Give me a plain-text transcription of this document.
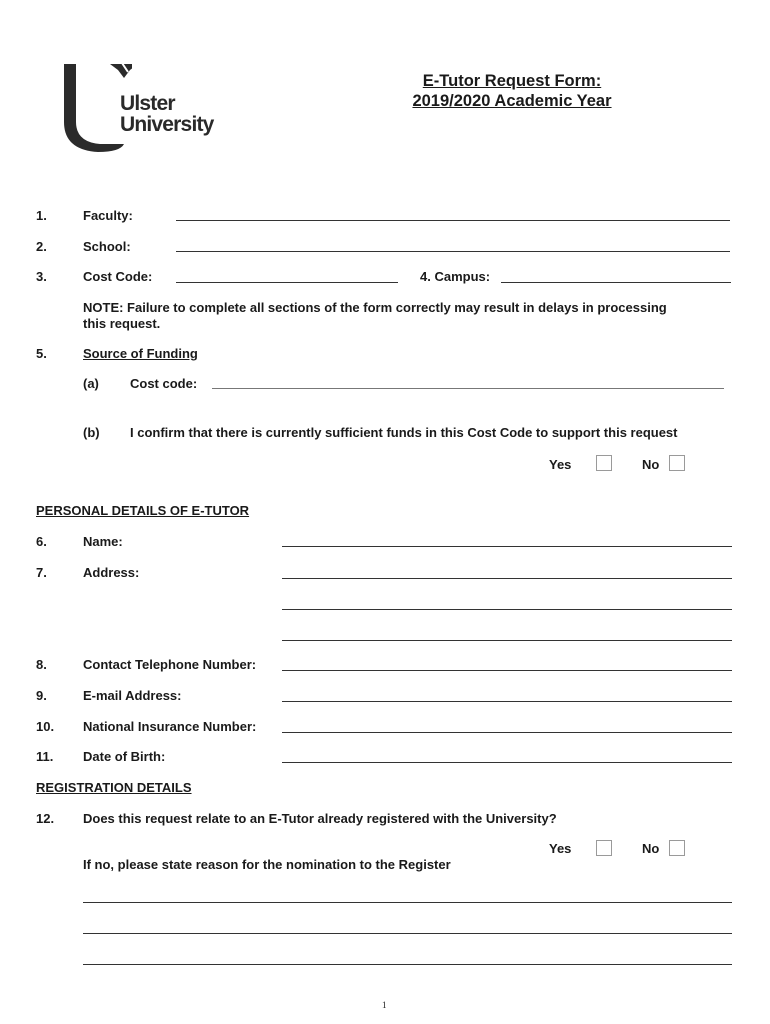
Ulster
University
E-Tutor Request Form:
2019/2020 Academic Year
1.	Faculty:
2.	School:
3.	Cost Code:	4. Campus:
NOTE: Failure to complete all sections of the form correctly may result in delays in processing
this request.
5.	Source of Funding
(a) Cost code:
(b) I confirm that there is currently sufficient funds in this Cost Code to support this request
Yes	No
PERSONAL DETAILS OF E-TUTOR
6.	Name:
7.	Address:
8.	Contact Telephone Number:
9.	E-mail Address:
10. National Insurance Number:
11. Date of Birth:
REGISTRATION DETAILS
12. Does this request relate to an E-Tutor already registered with the University?
Yes	No
If no, please state reason for the nomination to the Register
1
